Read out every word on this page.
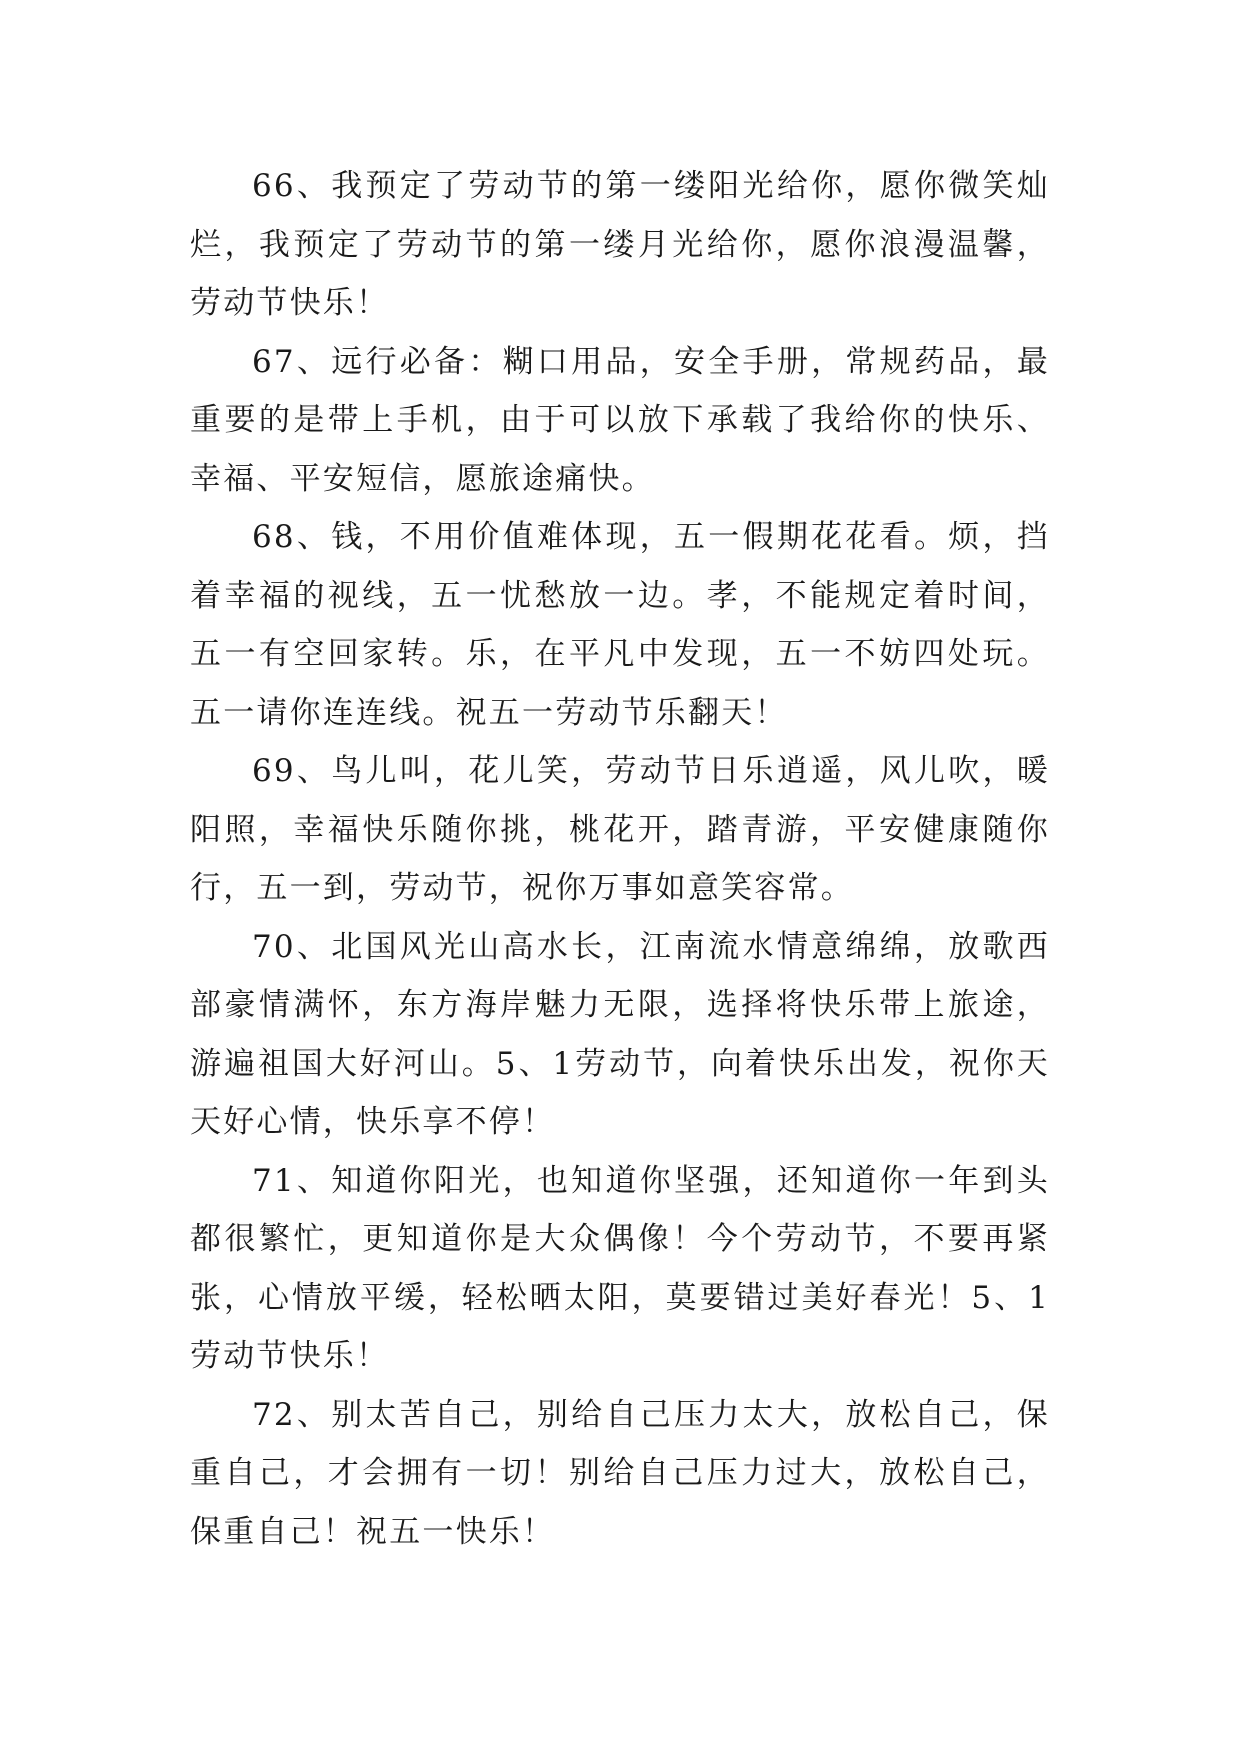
66、我预定了劳动节的第一缕阳光给你，愿你微笑灿烂，我预定了劳动节的第一缕月光给你，愿你浪漫温馨，劳动节快乐！

67、远行必备：糊口用品，安全手册，常规药品，最重要的是带上手机，由于可以放下承载了我给你的快乐、幸福、平安短信，愿旅途痛快。

68、钱，不用价值难体现，五一假期花花看。烦，挡着幸福的视线，五一忧愁放一边。孝，不能规定着时间，五一有空回家转。乐，在平凡中发现，五一不妨四处玩。五一请你连连线。祝五一劳动节乐翻天！

69、鸟儿叫，花儿笑，劳动节日乐逍遥，风儿吹，暖阳照，幸福快乐随你挑，桃花开，踏青游，平安健康随你行，五一到，劳动节，祝你万事如意笑容常。

70、北国风光山高水长，江南流水情意绵绵，放歌西部豪情满怀，东方海岸魅力无限，选择将快乐带上旅途，游遍祖国大好河山。5、1劳动节，向着快乐出发，祝你天天好心情，快乐享不停！

71、知道你阳光，也知道你坚强，还知道你一年到头都很繁忙，更知道你是大众偶像！今个劳动节，不要再紧张，心情放平缓，轻松晒太阳，莫要错过美好春光！5、1劳动节快乐！

72、别太苦自己，别给自己压力太大，放松自己，保重自己，才会拥有一切！别给自己压力过大，放松自己，保重自己！祝五一快乐！
